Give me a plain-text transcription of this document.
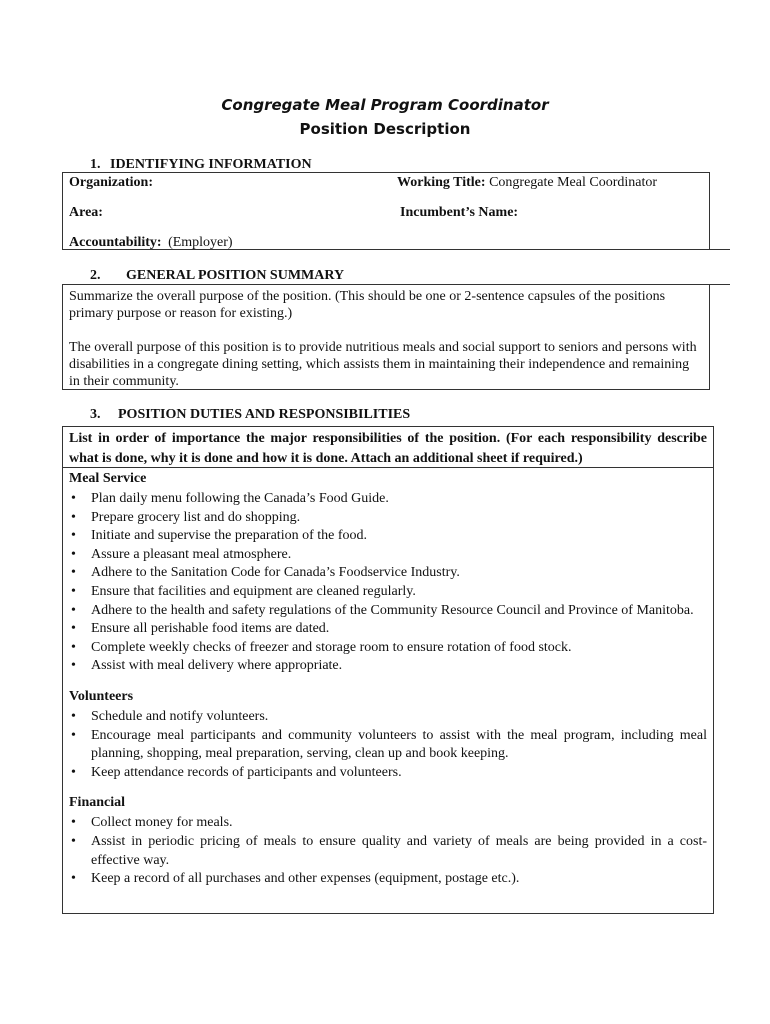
Congregate Meal Program Coordinator
Position Description
1. IDENTIFYING INFORMATION
Organization:	Working Title: Congregate Meal Coordinator
Area:	Incumbent’s Name:
Accountability: (Employer)
2. GENERAL POSITION SUMMARY

Summarize the overall purpose of the position. (This should be one or 2-sentence capsules of the positions primary purpose or reason for existing.)

The overall purpose of this position is to provide nutritious meals and social support to seniors and persons with disabilities in a congregate dining setting, which assists them in maintaining their independence and remaining in their community.

3. POSITION DUTIES AND RESPONSIBILITIES
List in order of importance the major responsibilities of the position. (For each responsibility describe what is done, why it is done and how it is done. Attach an additional sheet if required.)
Meal Service
• Plan daily menu following the Canada’s Food Guide.
• Prepare grocery list and do shopping.
• Initiate and supervise the preparation of the food.
• Assure a pleasant meal atmosphere.
• Adhere to the Sanitation Code for Canada’s Foodservice Industry.
• Ensure that facilities and equipment are cleaned regularly.
• Adhere to the health and safety regulations of the Community Resource Council and Province of Manitoba.
• Ensure all perishable food items are dated.
• Complete weekly checks of freezer and storage room to ensure rotation of food stock.
• Assist with meal delivery where appropriate.
Volunteers
• Schedule and notify volunteers.
• Encourage meal participants and community volunteers to assist with the meal program, including meal planning, shopping, meal preparation, serving, clean up and book keeping.
• Keep attendance records of participants and volunteers.
Financial
• Collect money for meals.
• Assist in periodic pricing of meals to ensure quality and variety of meals are being provided in a cost-effective way.
• Keep a record of all purchases and other expenses (equipment, postage etc.).
